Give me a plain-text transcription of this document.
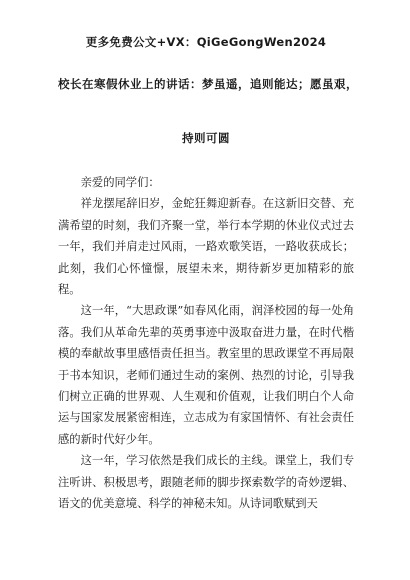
更多免费公文+VX：QiGeGongWen2024

校长在寒假休业上的讲话：梦虽遥，追则能达；愿虽艰，

持则可圆

亲爱的同学们：

祥龙摆尾辞旧岁，金蛇狂舞迎新春。在这新旧交替、充满希望的时刻，我们齐聚一堂，举行本学期的休业仪式过去一年，我们并肩走过风雨，一路欢歌笑语，一路收获成长；此刻，我们心怀憧憬，展望未来，期待新岁更加精彩的旅程。

这一年，“大思政课”如春风化雨，润泽校园的每一处角落。我们从革命先辈的英勇事迹中汲取奋进力量，在时代楷模的奉献故事里感悟责任担当。教室里的思政课堂不再局限于书本知识，老师们通过生动的案例、热烈的讨论，引导我们树立正确的世界观、人生观和价值观，让我们明白个人命运与国家发展紧密相连，立志成为有家国情怀、有社会责任感的新时代好少年。

这一年，学习依然是我们成长的主线。课堂上，我们专注听讲、积极思考，跟随老师的脚步探索数学的奇妙逻辑、语文的优美意境、科学的神秘未知。从诗词歌赋到天
